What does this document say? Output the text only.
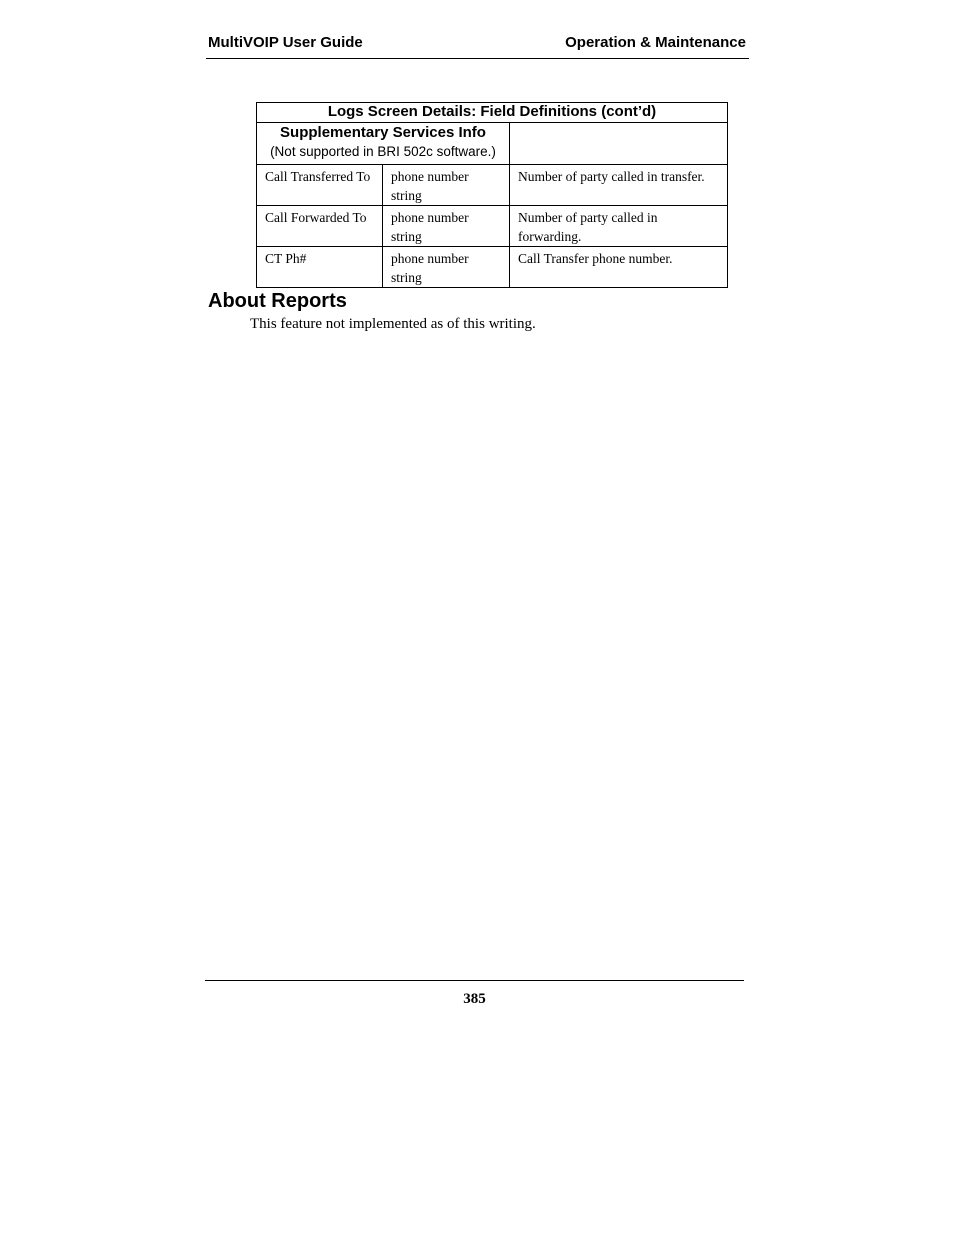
MultiVOIP User Guide	Operation & Maintenance
Logs Screen Details: Field Definitions (cont’d)		

Supplementary Services Info
(Not supported in BRI 502c software.)		

Call Transferred To	phone number string	Number of party called in transfer.
Call Forwarded To	phone number string	Number of party called in forwarding.
CT Ph#	phone number string	Call Transfer phone number.
About Reports

This feature not implemented as of this writing.

385
